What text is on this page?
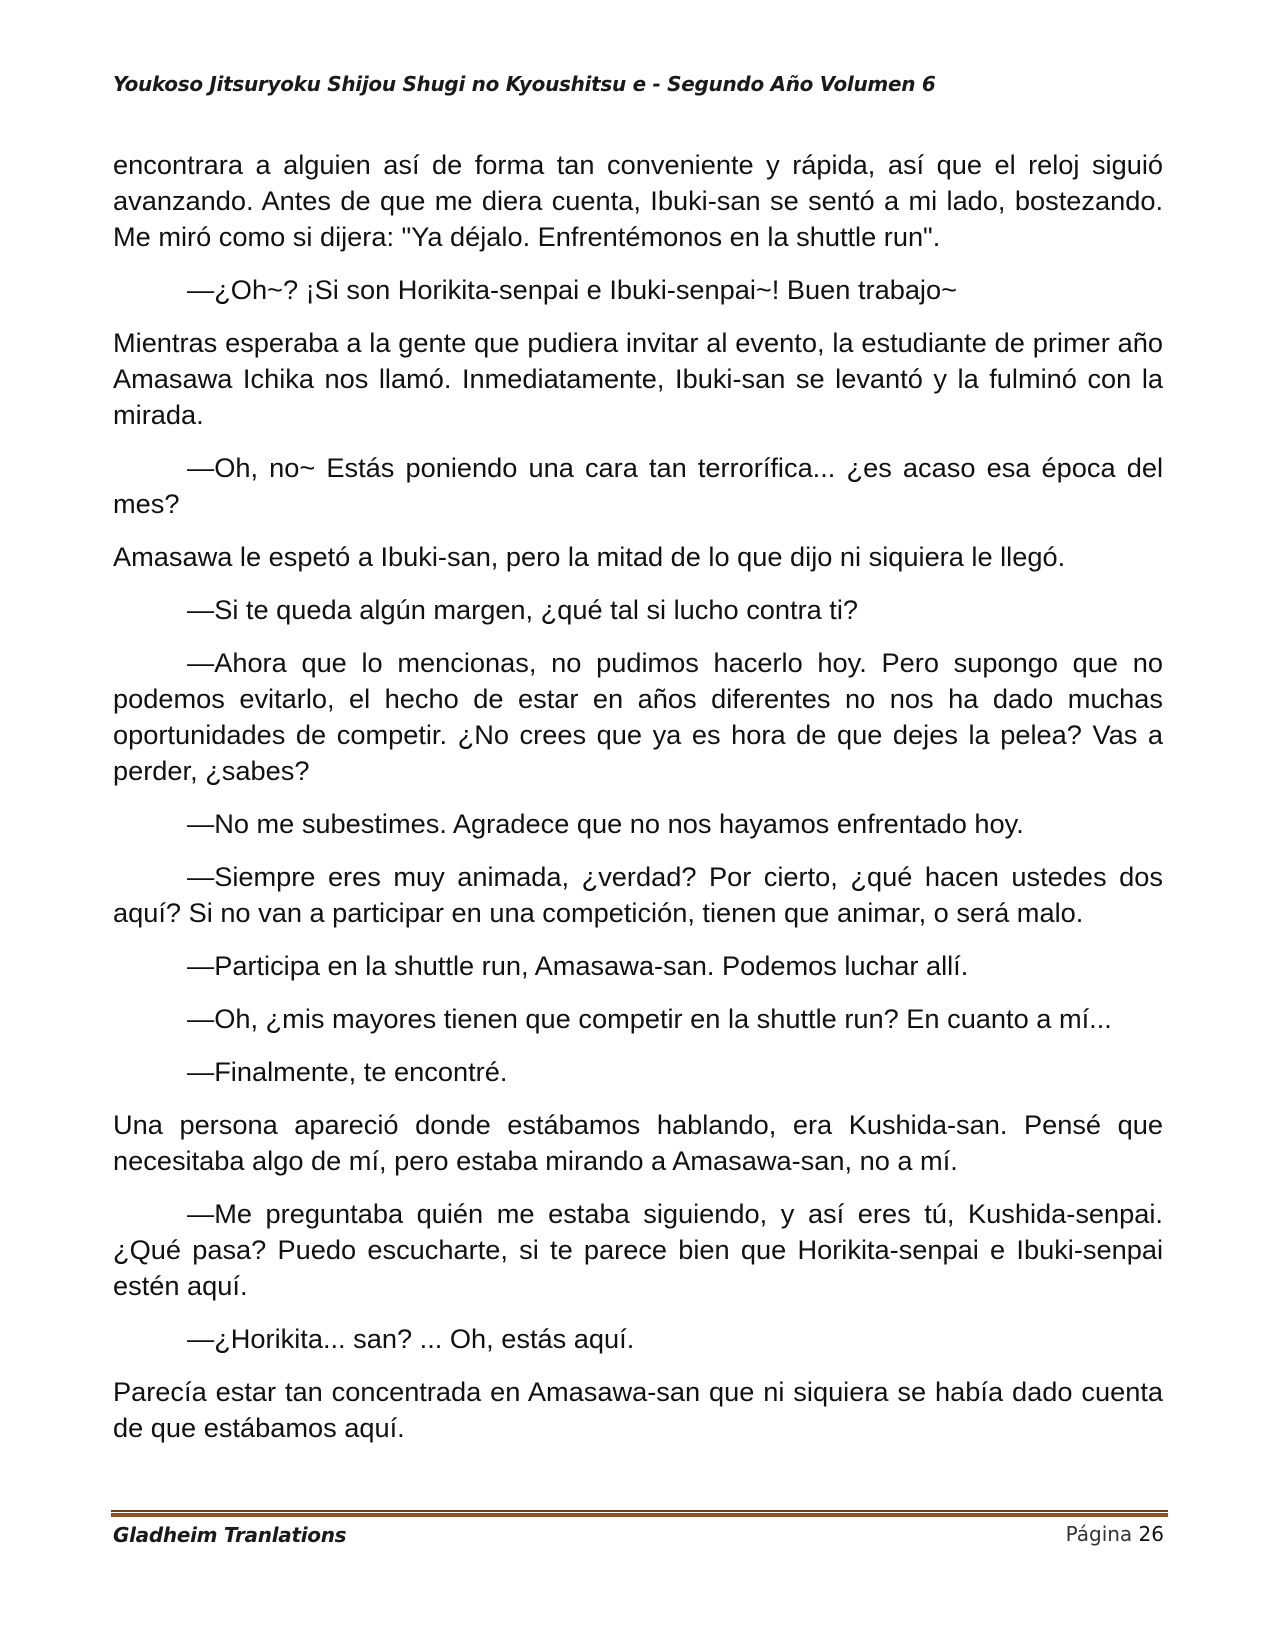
Youkoso Jitsuryoku Shijou Shugi no Kyoushitsu e - Segundo Año Volumen 6

encontrara a alguien así de forma tan conveniente y rápida, así que el reloj siguió avanzando. Antes de que me diera cuenta, Ibuki-san se sentó a mi lado, bostezando. Me miró como si dijera: "Ya déjalo. Enfrentémonos en la shuttle run".

—¿Oh~? ¡Si son Horikita-senpai e Ibuki-senpai~! Buen trabajo~

Mientras esperaba a la gente que pudiera invitar al evento, la estudiante de primer año Amasawa Ichika nos llamó. Inmediatamente, Ibuki-san se levantó y la fulminó con la mirada.

—Oh, no~ Estás poniendo una cara tan terrorífica... ¿es acaso esa época del mes?

Amasawa le espetó a Ibuki-san, pero la mitad de lo que dijo ni siquiera le llegó.

—Si te queda algún margen, ¿qué tal si lucho contra ti?

—Ahora que lo mencionas, no pudimos hacerlo hoy. Pero supongo que no podemos evitarlo, el hecho de estar en años diferentes no nos ha dado muchas oportunidades de competir. ¿No crees que ya es hora de que dejes la pelea? Vas a perder, ¿sabes?

—No me subestimes. Agradece que no nos hayamos enfrentado hoy.

—Siempre eres muy animada, ¿verdad? Por cierto, ¿qué hacen ustedes dos aquí? Si no van a participar en una competición, tienen que animar, o será malo.

—Participa en la shuttle run, Amasawa-san. Podemos luchar allí.

—Oh, ¿mis mayores tienen que competir en la shuttle run? En cuanto a mí...

—Finalmente, te encontré.

Una persona apareció donde estábamos hablando, era Kushida-san. Pensé que necesitaba algo de mí, pero estaba mirando a Amasawa-san, no a mí.

—Me preguntaba quién me estaba siguiendo, y así eres tú, Kushida-senpai. ¿Qué pasa? Puedo escucharte, si te parece bien que Horikita-senpai e Ibuki-senpai estén aquí.

—¿Horikita... san? ... Oh, estás aquí.

Parecía estar tan concentrada en Amasawa-san que ni siquiera se había dado cuenta de que estábamos aquí.

Gladheim Tranlations	Página 26
